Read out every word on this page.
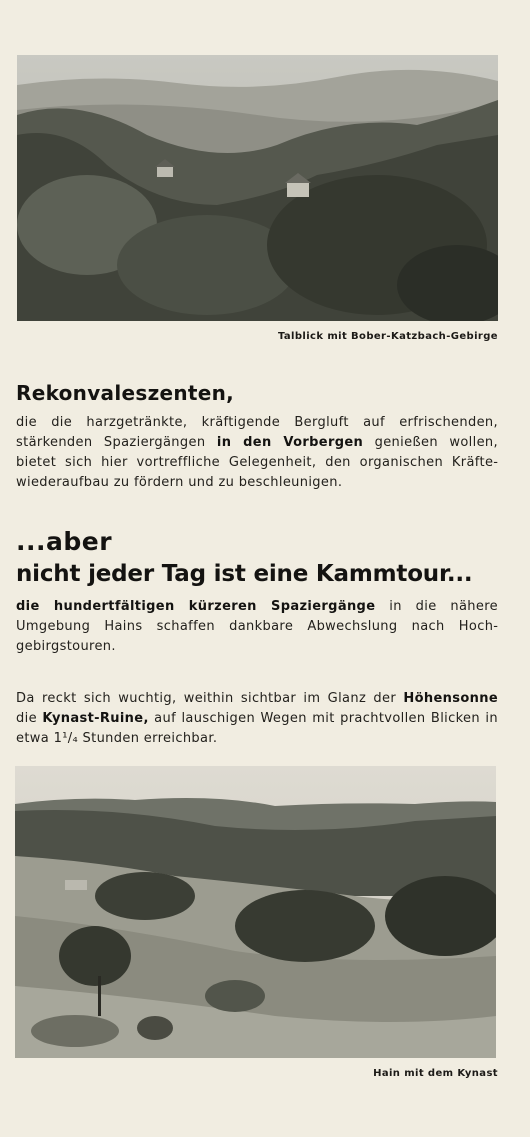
Talblick mit Bober-Katzbach-Gebirge
Rekonvaleszenten,
die die harzgetränkte, kräftigende Bergluft auf erfrischenden, stärkenden Spaziergängen in den Vorbergen genießen wollen, bietet sich hier vortreffliche Gelegenheit, den organischen Kräftewiederaufbau zu fördern und zu beschleunigen.
...aber
nicht jeder Tag ist eine Kammtour...
die hundertfältigen kürzeren Spaziergänge in die nähere Umgebung Hains schaffen dankbare Abwechslung nach Hochgebirgstouren.
Da reckt sich wuchtig, weithin sichtbar im Glanz der Höhensonne die Kynast-Ruine, auf lauschigen Wegen mit prachtvollen Blicken in etwa 1¹/₄ Stunden erreichbar.
Hain mit dem Kynast
